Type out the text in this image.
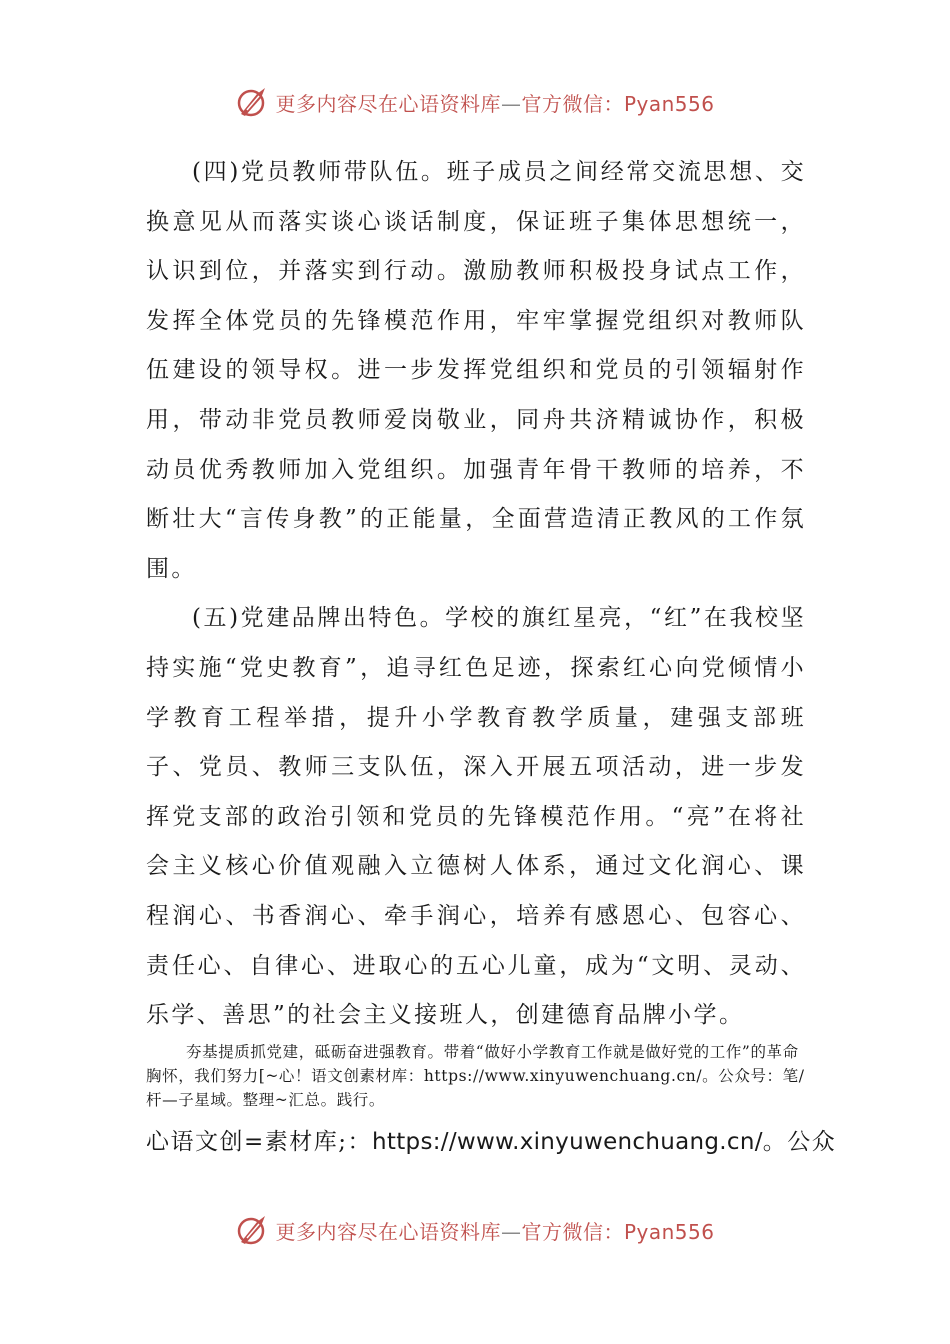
更多内容尽在心语资料库—官方微信：Pyan556

(四)党员教师带队伍。班子成员之间经常交流思想、交换意见从而落实谈心谈话制度，保证班子集体思想统一，认识到位，并落实到行动。激励教师积极投身试点工作，发挥全体党员的先锋模范作用，牢牢掌握党组织对教师队伍建设的领导权。进一步发挥党组织和党员的引领辐射作用，带动非党员教师爱岗敬业，同舟共济精诚协作，积极动员优秀教师加入党组织。加强青年骨干教师的培养，不断壮大“言传身教”的正能量，全面营造清正教风的工作氛围。

(五)党建品牌出特色。学校的旗红星亮，“红”在我校坚持实施“党史教育”，追寻红色足迹，探索红心向党倾情小学教育工程举措，提升小学教育教学质量，建强支部班子、党员、教师三支队伍，深入开展五项活动，进一步发挥党支部的政治引领和党员的先锋模范作用。“亮”在将社会主义核心价值观融入立德树人体系，通过文化润心、课程润心、书香润心、牵手润心，培养有感恩心、包容心、责任心、自律心、进取心的五心儿童，成为“文明、灵动、乐学、善思”的社会主义接班人，创建德育品牌小学。

夯基提质抓党建，砥砺奋进强教育。带着“做好小学教育工作就是做好党的工作”的革命胸怀，我们努力[~心！语文创素材库：https://www.xinyuwenchuang.cn/。公众号：笔/杆—子星域。整理~汇总。践行。

心语文创=素材库;：https://www.xinyuwenchuang.cn/。公众

更多内容尽在心语资料库—官方微信：Pyan556
